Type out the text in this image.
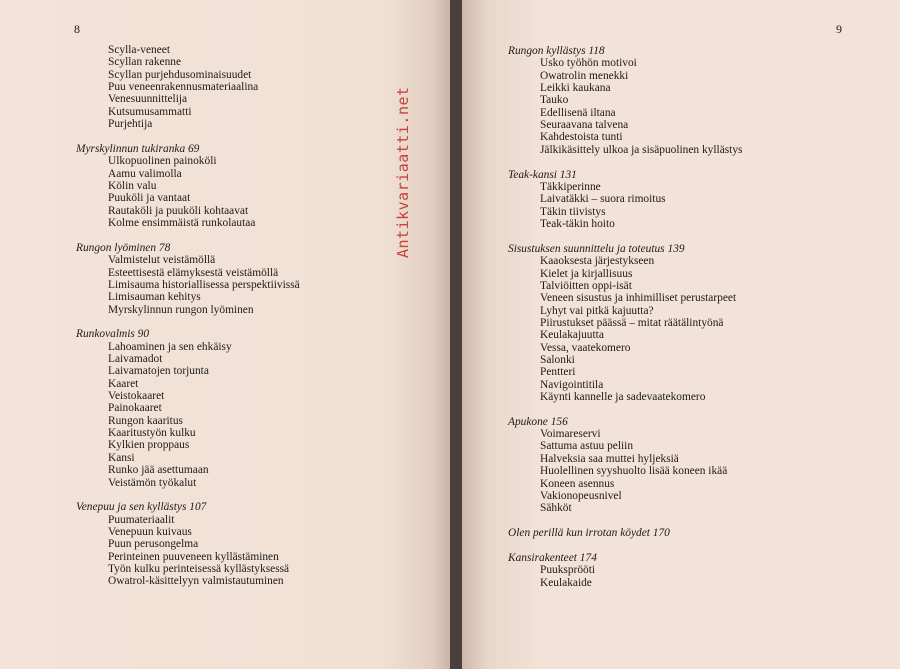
8
Scylla-veneet
Scyllan rakenne
Scyllan purjehdusominaisuudet
Puu veneenrakennusmateriaalina
Venesuunnittelija
Kutsumusammatti
Purjehtija
Myrskylinnun tukiranka 69
Ulkopuolinen painoköli
Aamu valimolla
Kölin valu
Puuköli ja vantaat
Rautaköli ja puuköli kohtaavat
Kolme ensimmäistä runkolautaa
Rungon lyöminen 78
Valmistelut veistämöllä
Esteettisestä elämyksestä veistämöllä
Limisauma historiallisessa perspektiivissä
Limisauman kehitys
Myrskylinnun rungon lyöminen
Runkovalmis 90
Lahoaminen ja sen ehkäisy
Laivamadot
Laivamatojen torjunta
Kaaret
Veistokaaret
Painokaaret
Rungon kaaritus
Kaaritustyön kulku
Kylkien proppaus
Kansi
Runko jää asettumaan
Veistämön työkalut
Venepuu ja sen kyllästys 107
Puumateriaalit
Venepuun kuivaus
Puun perusongelma
Perinteinen puuveneen kyllästäminen
Työn kulku perinteisessä kyllästyksessä
Owatrol-käsittelyyn valmistautuminen
Antikvariaatti.net
9
Rungon kyllästys 118
Usko työhön motivoi
Owatrolin menekki
Leikki kaukana
Tauko
Edellisenä iltana
Seuraavana talvena
Kahdestoista tunti
Jälkikäsittely ulkoa ja sisäpuolinen kyllästys
Teak-kansi 131
Täkkiperinne
Laivatäkki – suora rimoitus
Täkin tiivistys
Teak-täkin hoito
Sisustuksen suunnittelu ja toteutus 139
Kaaoksesta järjestykseen
Kielet ja kirjallisuus
Talviöitten oppi-isät
Veneen sisustus ja inhimilliset perustarpeet
Lyhyt vai pitkä kajuutta?
Piirustukset päässä – mitat räätälintyönä
Keulakajuutta
Vessa, vaatekomero
Salonki
Pentteri
Navigointitila
Käynti kannelle ja sadevaatekomero
Apukone 156
Voimareservi
Sattuma astuu peliin
Halveksia saa muttei hyljeksiä
Huolellinen syyshuolto lisää koneen ikää
Koneen asennus
Vakionopeusnivel
Sähköt
Olen perillä kun irrotan köydet 170
Kansirakenteet 174
Puuksprööti
Keulakaide
